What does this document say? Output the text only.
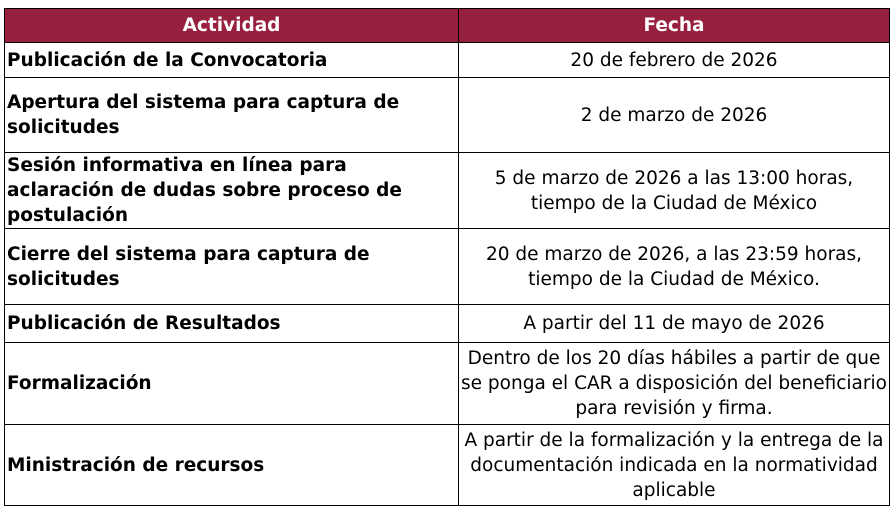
Actividad	Fecha
Publicación de la Convocatoria	20 de febrero de 2026
Apertura del sistema para captura de solicitudes	2 de marzo de 2026
Sesión informativa en línea para aclaración de dudas sobre proceso de postulación	5 de marzo de 2026 a las 13:00 horas, tiempo de la Ciudad de México
Cierre del sistema para captura de solicitudes	20 de marzo de 2026, a las 23:59 horas, tiempo de la Ciudad de México.
Publicación de Resultados	A partir del 11 de mayo de 2026
Formalización	Dentro de los 20 días hábiles a partir de que se ponga el CAR a disposición del beneficiario para revisión y firma.
Ministración de recursos	A partir de la formalización y la entrega de la documentación indicada en la normatividad aplicable
